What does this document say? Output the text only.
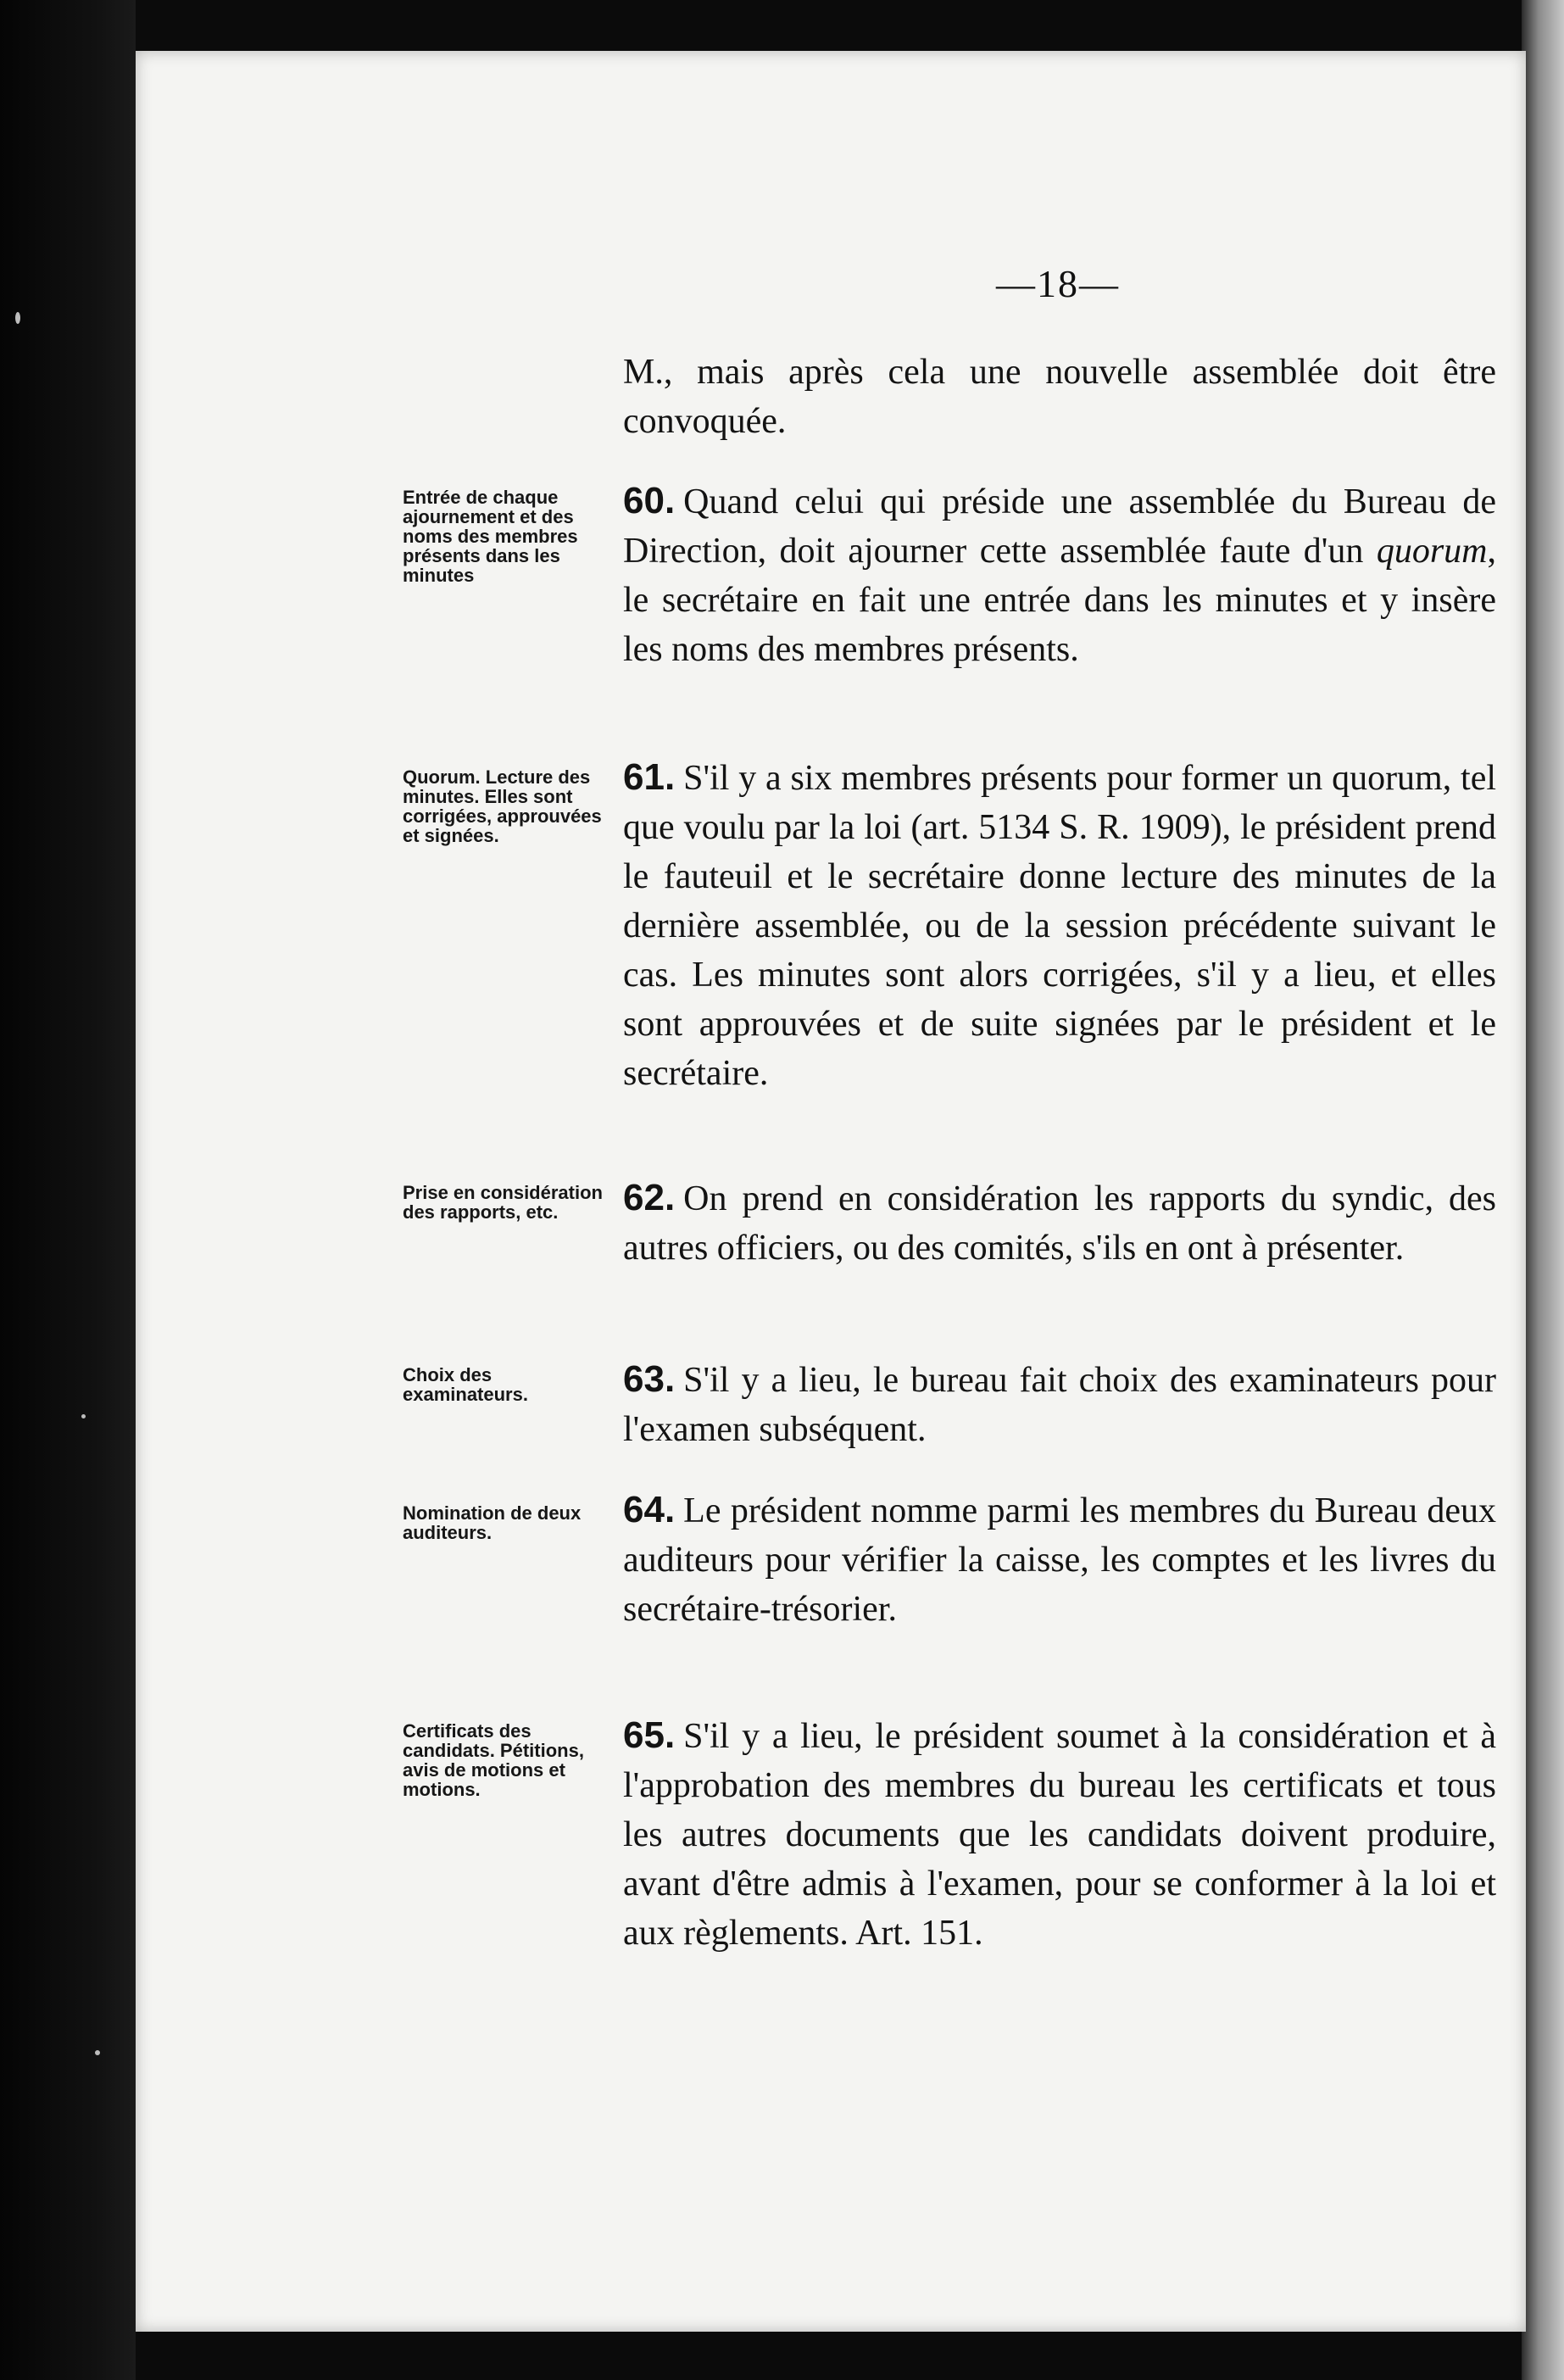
—18—

M., mais après cela une nouvelle assemblée doit être convoquée.

Entrée de chaque ajournement et des noms des membres présents dans les minutes

60. Quand celui qui préside une assemblée du Bureau de Direction, doit ajourner cette assemblée faute d'un quorum, le secrétaire en fait une entrée dans les minutes et y insère les noms des membres présents.

Quorum. Lecture des minutes. Elles sont corrigées, approuvées et signées.

61. S'il y a six membres présents pour former un quorum, tel que voulu par la loi (art. 5134 S. R. 1909), le président prend le fauteuil et le secrétaire donne lecture des minutes de la dernière assemblée, ou de la session précédente suivant le cas. Les minutes sont alors corrigées, s'il y a lieu, et elles sont approuvées et de suite signées par le président et le secrétaire.

Prise en considération des rapports, etc.	62. On prend en considération les rapports du syndic, des autres officiers, ou des comités, s'ils en ont à présenter.

Choix des examinateurs.	63. S'il y a lieu, le bureau fait choix des examinateurs pour l'examen subséquent.

Nomination de deux auditeurs.

64. Le président nomme parmi les membres du Bureau deux auditeurs pour vérifier la caisse, les comptes et les livres du secrétaire-trésorier.

Certificats des candidats. Pétitions, avis de motions et motions.

65. S'il y a lieu, le président soumet à la considération et à l'approbation des membres du bureau les certificats et tous les autres documents que les candidats doivent produire, avant d'être admis à l'examen, pour se conformer à la loi et aux règlements. Art. 151.
